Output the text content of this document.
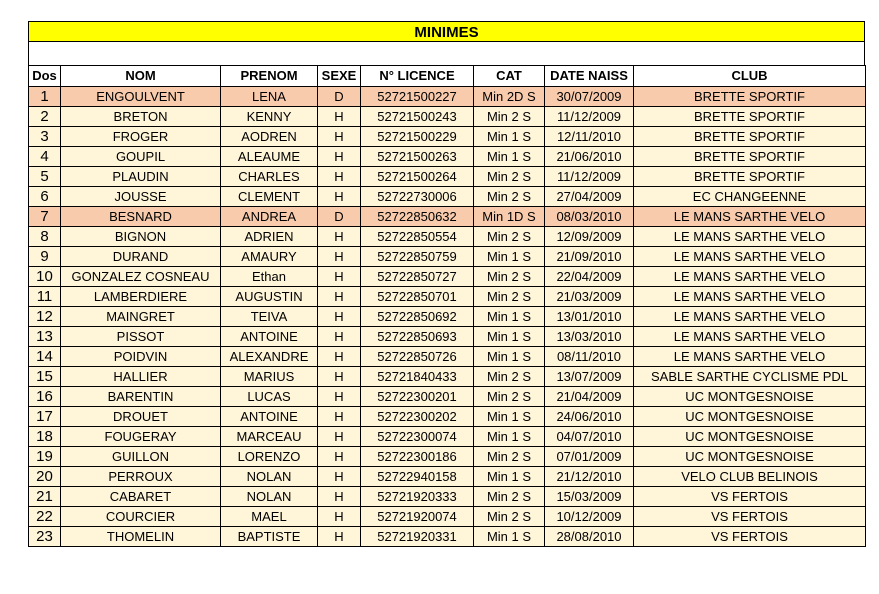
MINIMES
Dos	NOM	PRENOM	SEXE	N° LICENCE	CAT	DATE NAISS	CLUB
1	ENGOULVENT	LENA	D	52721500227	Min 2D S	30/07/2009	BRETTE SPORTIF
2	BRETON	KENNY	H	52721500243	Min 2 S	11/12/2009	BRETTE SPORTIF
3	FROGER	AODREN	H	52721500229	Min 1 S	12/11/2010	BRETTE SPORTIF
4	GOUPIL	ALEAUME	H	52721500263	Min 1 S	21/06/2010	BRETTE SPORTIF
5	PLAUDIN	CHARLES	H	52721500264	Min 2 S	11/12/2009	BRETTE SPORTIF
6	JOUSSE	CLEMENT	H	52722730006	Min 2 S	27/04/2009	EC CHANGEENNE
7	BESNARD	ANDREA	D	52722850632	Min 1D S	08/03/2010	LE MANS SARTHE VELO
8	BIGNON	ADRIEN	H	52722850554	Min 2 S	12/09/2009	LE MANS SARTHE VELO
9	DURAND	AMAURY	H	52722850759	Min 1 S	21/09/2010	LE MANS SARTHE VELO
10	GONZALEZ COSNEAU	Ethan	H	52722850727	Min 2 S	22/04/2009	LE MANS SARTHE VELO
11	LAMBERDIERE	AUGUSTIN	H	52722850701	Min 2 S	21/03/2009	LE MANS SARTHE VELO
12	MAINGRET	TEIVA	H	52722850692	Min 1 S	13/01/2010	LE MANS SARTHE VELO
13	PISSOT	ANTOINE	H	52722850693	Min 1 S	13/03/2010	LE MANS SARTHE VELO
14	POIDVIN	ALEXANDRE	H	52722850726	Min 1 S	08/11/2010	LE MANS SARTHE VELO
15	HALLIER	MARIUS	H	52721840433	Min 2 S	13/07/2009	SABLE SARTHE CYCLISME PDL
16	BARENTIN	LUCAS	H	52722300201	Min 2 S	21/04/2009	UC MONTGESNOISE
17	DROUET	ANTOINE	H	52722300202	Min 1 S	24/06/2010	UC MONTGESNOISE
18	FOUGERAY	MARCEAU	H	52722300074	Min 1 S	04/07/2010	UC MONTGESNOISE
19	GUILLON	LORENZO	H	52722300186	Min 2 S	07/01/2009	UC MONTGESNOISE
20	PERROUX	NOLAN	H	52722940158	Min 1 S	21/12/2010	VELO CLUB BELINOIS
21	CABARET	NOLAN	H	52721920333	Min 2 S	15/03/2009	VS FERTOIS
22	COURCIER	MAEL	H	52721920074	Min 2 S	10/12/2009	VS FERTOIS
23	THOMELIN	BAPTISTE	H	52721920331	Min 1 S	28/08/2010	VS FERTOIS
